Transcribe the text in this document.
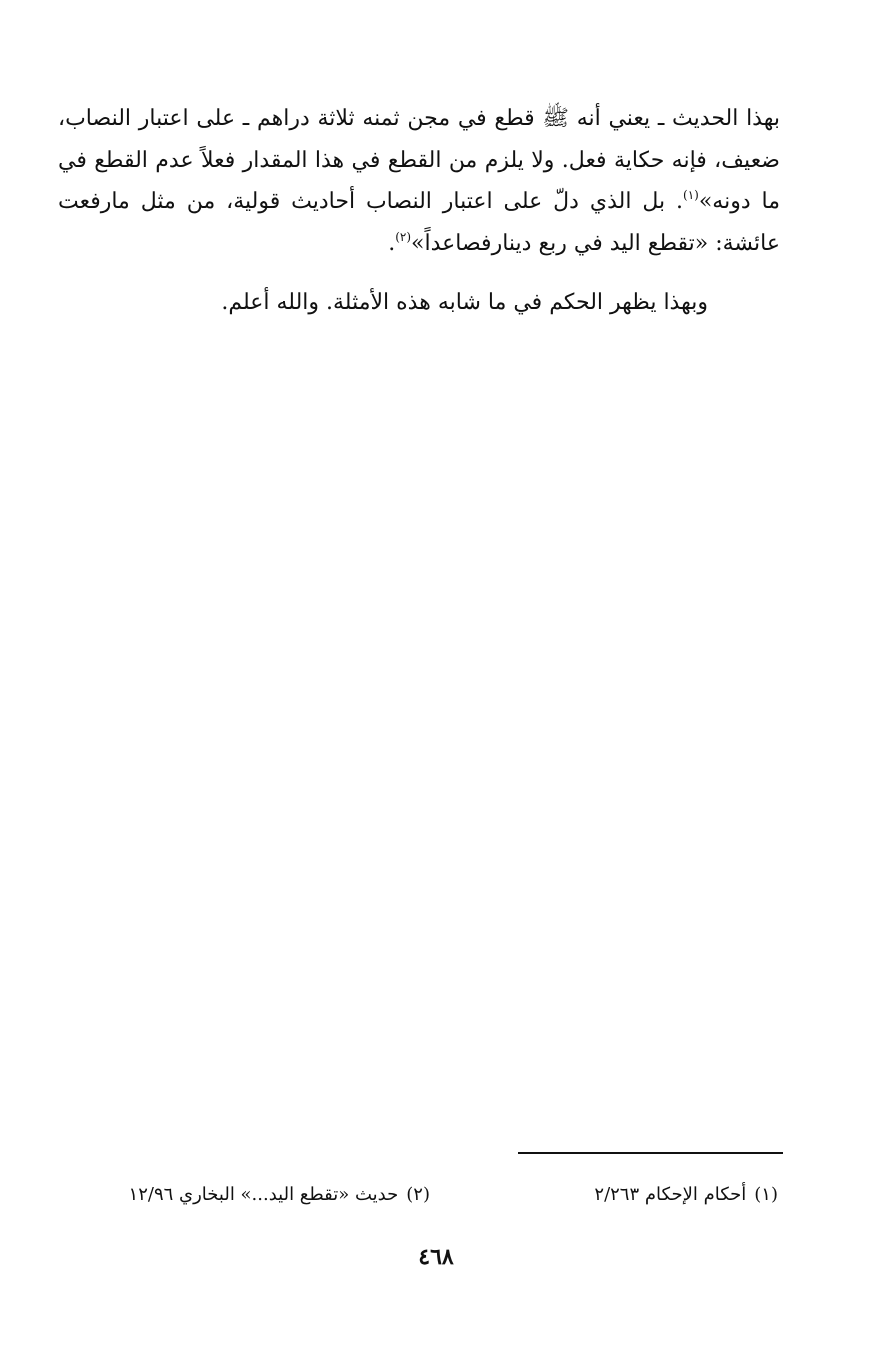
بهذا الحديث ـ يعني أنه ﷺ قطع في مجن ثمنه ثلاثة دراهم ـ على اعتبار النصاب،
ضعيف، فإنه حكاية فعل. ولا يلزم من القطع في هذا المقدار فعلاً عدم القطع في
ما دونه»$^{(١)}$. بل الذي دلّ على اعتبار النصاب أحاديث قولية، من مثل مارفعت
عائشة: «تقطع اليد في ربع دينارفصاعداً»$^{(٢)}$.
وبهذا يظهر الحكم في ما شابه هذه الأمثلة. والله أعلم.
(١)أحكام الإحكام ٢/٢٦٣
(٢)حديث «تقطع اليد...» البخاري ١٢/٩٦
٤٦٨
